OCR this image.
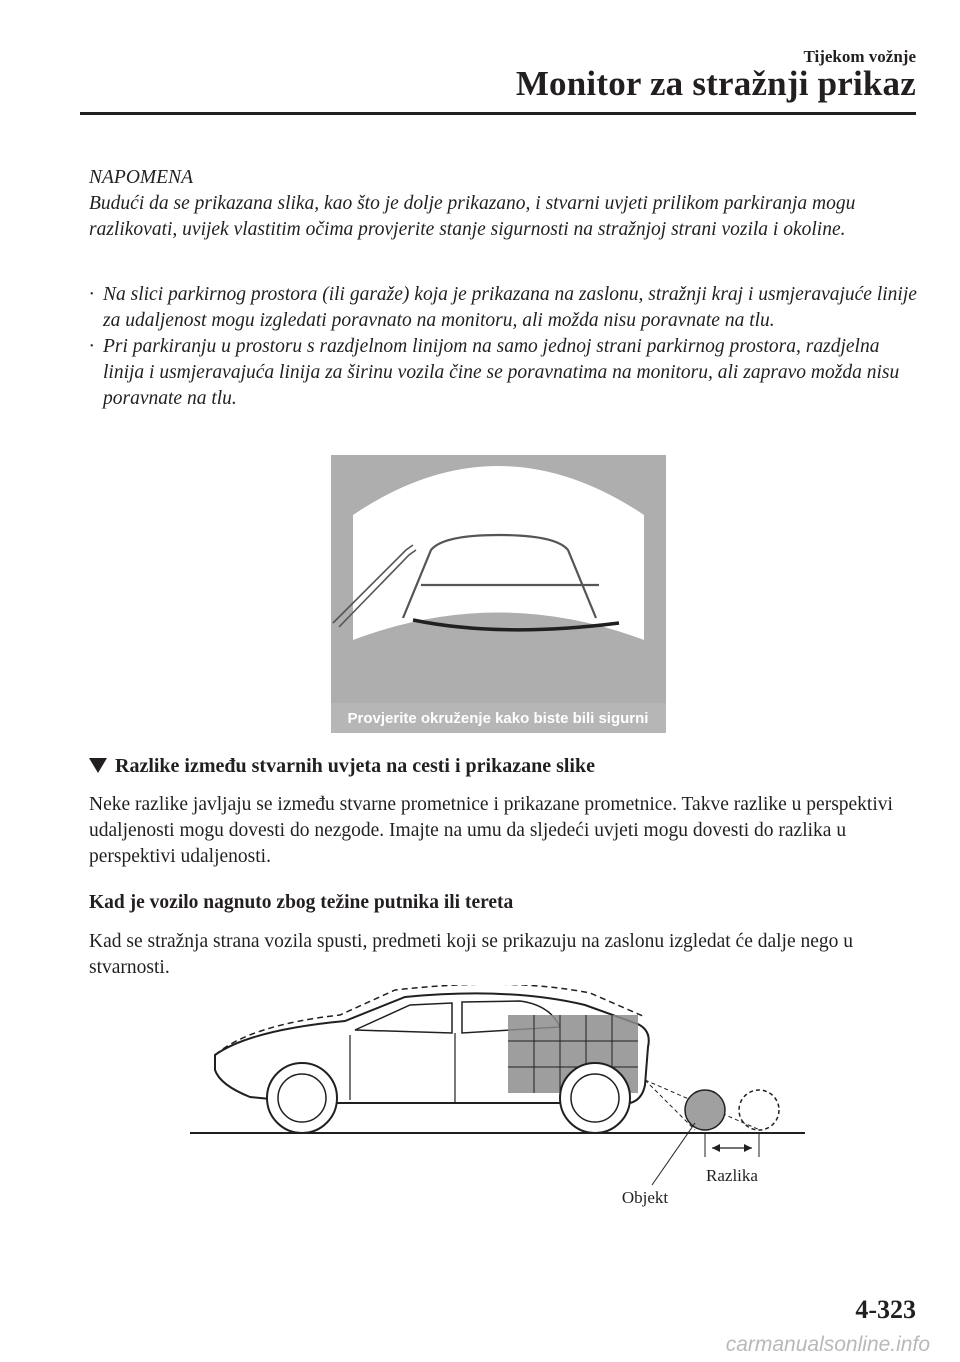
Tijekom vožnje
Monitor za stražnji prikaz
NAPOMENA
Budući da se prikazana slika, kao što je dolje prikazano, i stvarni uvjeti prilikom parkiranja mogu razlikovati, uvijek vlastitim očima provjerite stanje sigurnosti na stražnjoj strani vozila i okoline.
· Na slici parkirnog prostora (ili garaže) koja je prikazana na zaslonu, stražnji kraj i usmjeravajuće linije za udaljenost mogu izgledati poravnato na monitoru, ali možda nisu poravnate na tlu.
· Pri parkiranju u prostoru s razdjelnom linijom na samo jednoj strani parkirnog prostora, razdjelna linija i usmjeravajuća linija za širinu vozila čine se poravnatima na monitoru, ali zapravo možda nisu poravnate na tlu.
Provjerite okruženje kako biste bili sigurni
Razlike između stvarnih uvjeta na cesti i prikazane slike
Neke razlike javljaju se između stvarne prometnice i prikazane prometnice. Takve razlike u perspektivi udaljenosti mogu dovesti do nezgode. Imajte na umu da sljedeći uvjeti mogu dovesti do razlika u perspektivi udaljenosti.
Kad je vozilo nagnuto zbog težine putnika ili tereta
Kad se stražnja strana vozila spusti, predmeti koji se prikazuju na zaslonu izgledat će dalje nego u stvarnosti.
Razlika
Objekt
4-323
carmanualsonline.info
